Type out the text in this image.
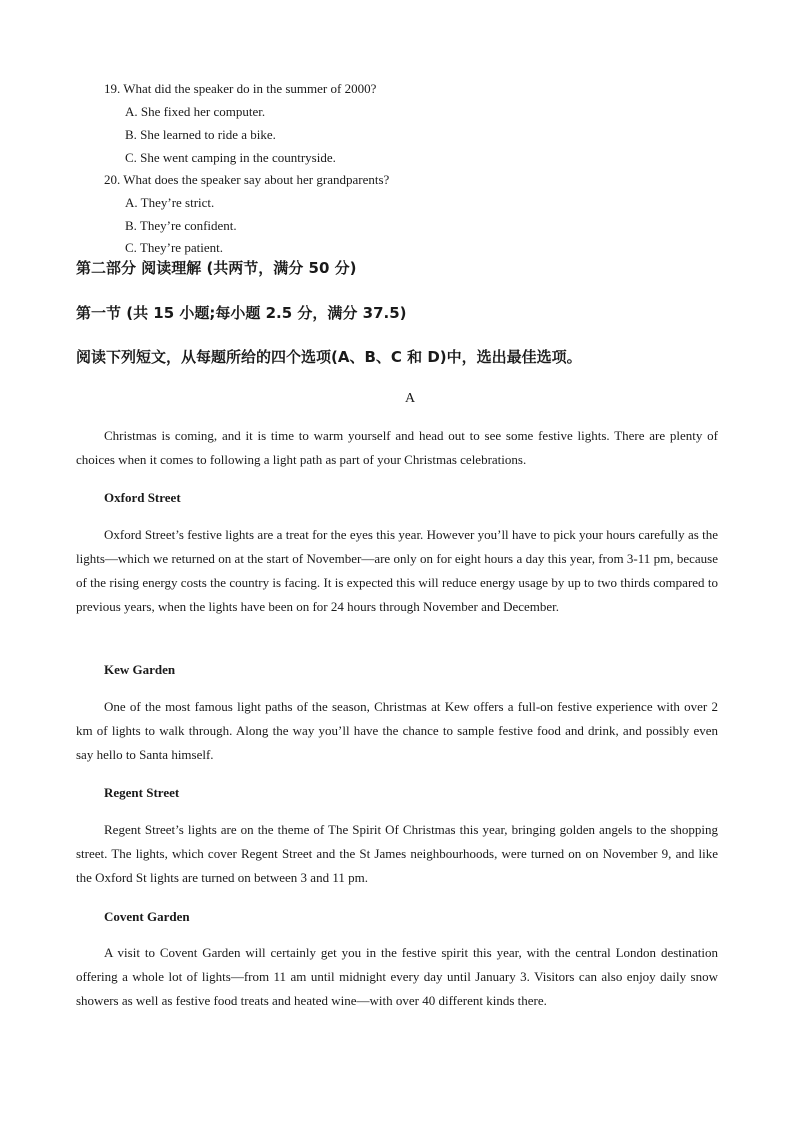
19. What did the speaker do in the summer of 2000?
A. She fixed her computer.
B. She learned to ride a bike.
C. She went camping in the countryside.
20. What does the speaker say about her grandparents?
A. They’re strict.
B. They’re confident.
C. They’re patient.
第二部分 阅读理解 (共两节，满分 50 分)
第一节 (共 15 小题;每小题 2.5 分，满分 37.5)
阅读下列短文，从每题所给的四个选项(A、B、C 和 D)中，选出最佳选项。
A

Christmas is coming, and it is time to warm yourself and head out to see some festive lights. There are plenty of choices when it comes to following a light path as part of your Christmas celebrations.

Oxford Street

Oxford Street’s festive lights are a treat for the eyes this year. However you’ll have to pick your hours carefully as the lights—which we returned on at the start of November—are only on for eight hours a day this year, from 3-11 pm, because of the rising energy costs the country is facing. It is expected this will reduce energy usage by up to two thirds compared to previous years, when the lights have been on for 24 hours through November and December.

Kew Garden

One of the most famous light paths of the season, Christmas at Kew offers a full-on festive experience with over 2 km of lights to walk through. Along the way you’ll have the chance to sample festive food and drink, and possibly even say hello to Santa himself.

Regent Street

Regent Street’s lights are on the theme of The Spirit Of Christmas this year, bringing golden angels to the shopping street. The lights, which cover Regent Street and the St James neighbourhoods, were turned on on November 9, and like the Oxford St lights are turned on between 3 and 11 pm.

Covent Garden

A visit to Covent Garden will certainly get you in the festive spirit this year, with the central London destination offering a whole lot of lights—from 11 am until midnight every day until January 3. Visitors can also enjoy daily snow showers as well as festive food treats and heated wine—with over 40 different kinds there.
